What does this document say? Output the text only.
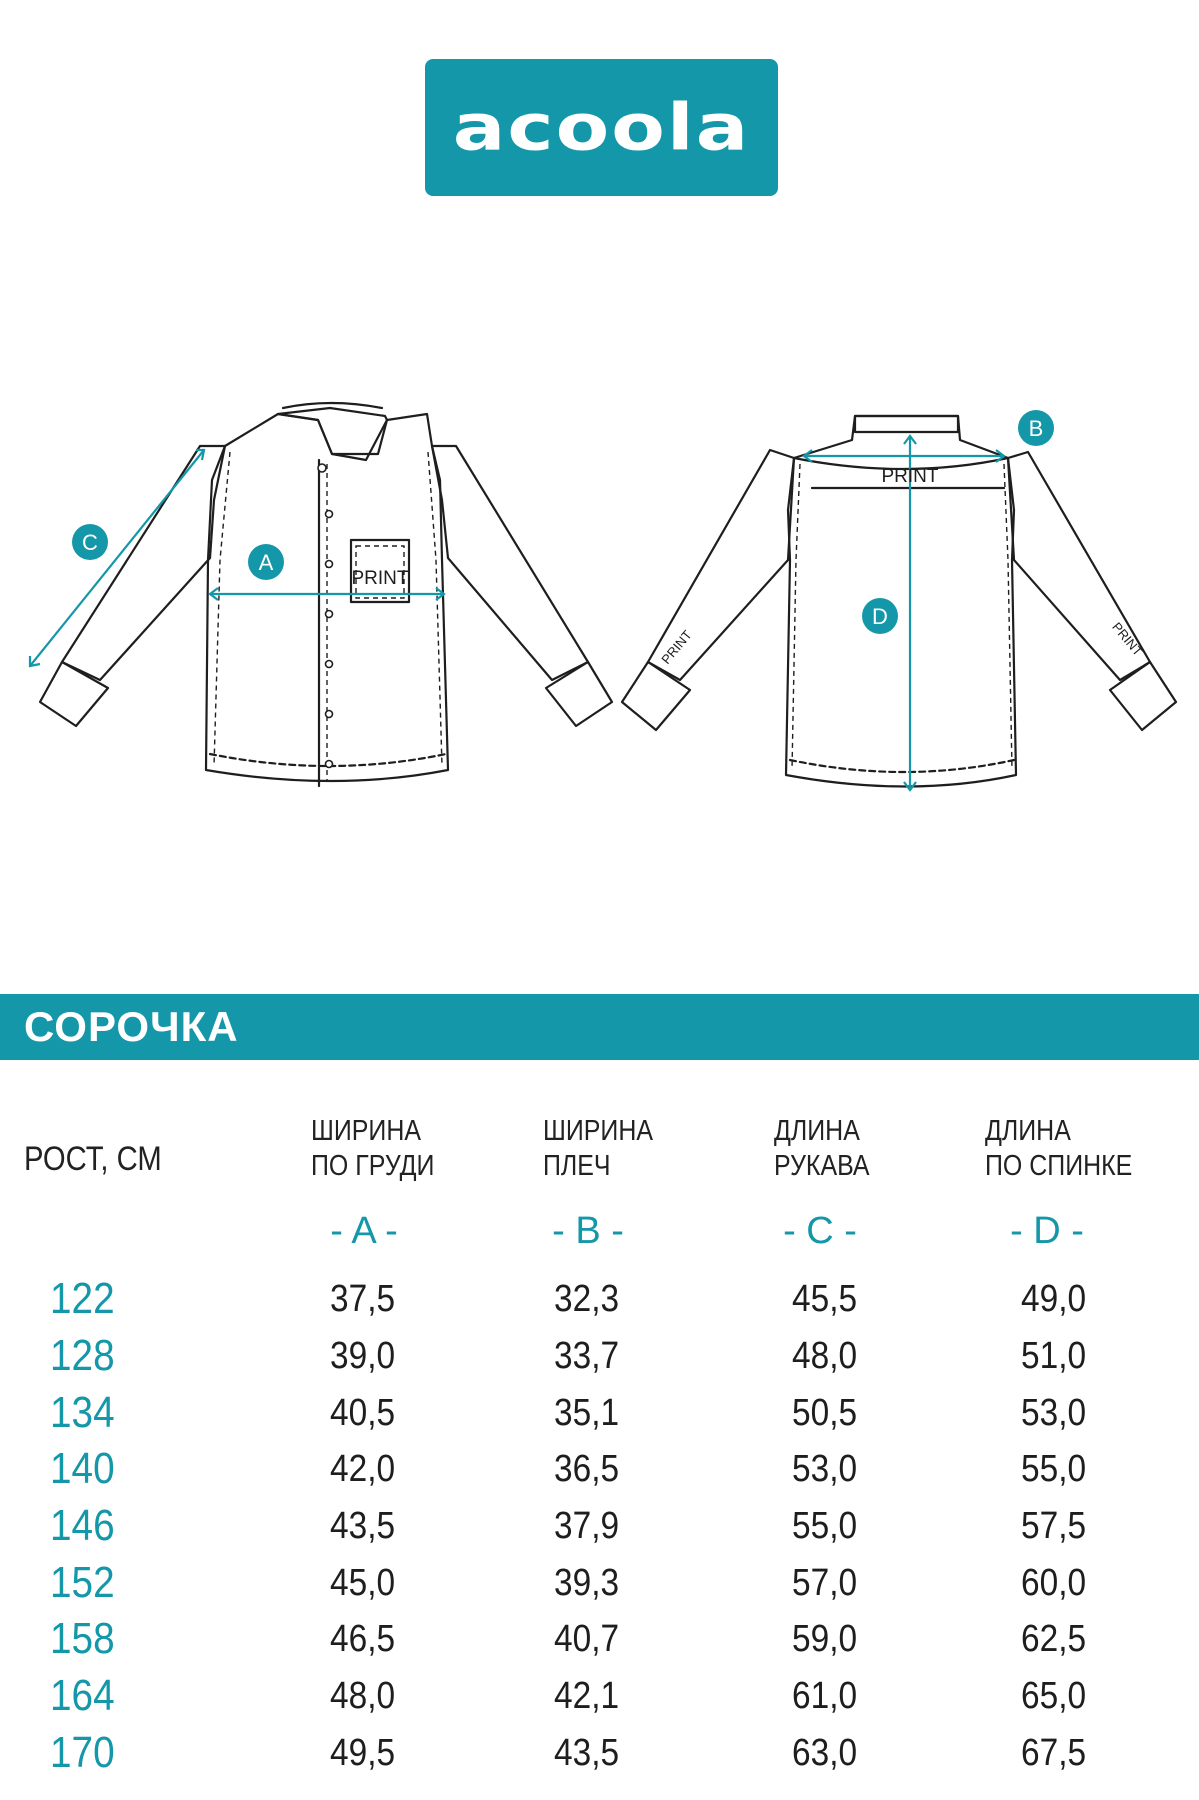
acoola
C
A
B
D
PRINT
PRINT
PRINT	PRINT
СОРОЧКА
РОСТ, СМ
ШИРИНА
ПО ГРУДИ
ШИРИНА
ПЛЕЧ
ДЛИНА
РУКАВА
ДЛИНА
ПО СПИНКЕ
- A -	- B -	- C -	- D -
122	37,5	32,3	45,5	49,0
128	39,0	33,7	48,0	51,0
134	40,5	35,1	50,5	53,0
140	42,0	36,5	53,0	55,0
146	43,5	37,9	55,0	57,5
152	45,0	39,3	57,0	60,0
158	46,5	40,7	59,0	62,5
164	48,0	42,1	61,0	65,0
170	49,5	43,5	63,0	67,5
